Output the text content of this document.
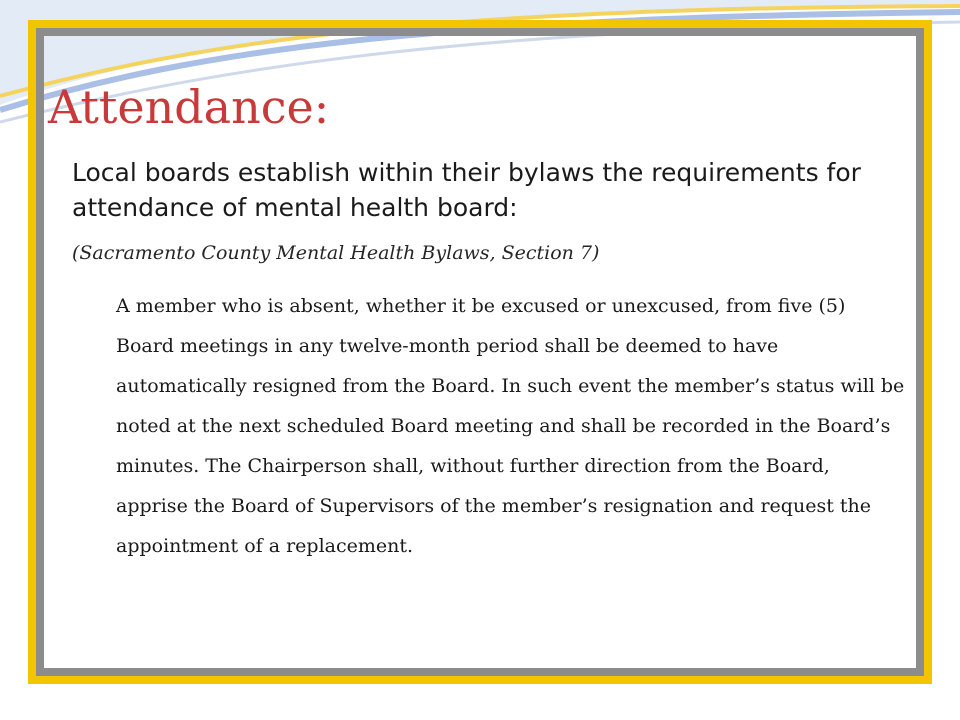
Attendance:

Local boards establish within their bylaws the requirements for attendance of mental health board:

(Sacramento County Mental Health Bylaws, Section 7)

A member who is absent, whether it be excused or unexcused, from five (5) Board meetings in any twelve-month period shall be deemed to have automatically resigned from the Board. In such event the member’s status will be noted at the next scheduled Board meeting and shall be recorded in the Board’s minutes. The Chairperson shall, without further direction from the Board, apprise the Board of Supervisors of the member’s resignation and request the appointment of a replacement.
